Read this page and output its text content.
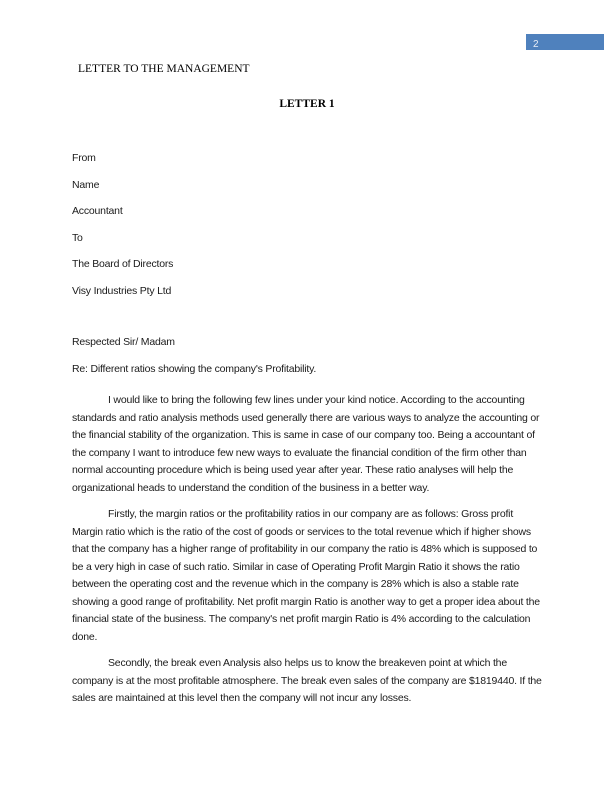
2
LETTER TO THE MANAGEMENT
LETTER 1

From

Name

Accountant

To

The Board of Directors

Visy Industries Pty Ltd

Respected Sir/ Madam

Re: Different ratios showing the company's Profitability.

I would like to bring the following few lines under your kind notice. According to the accounting standards and ratio analysis methods used generally there are various ways to analyze the accounting or the financial stability of the organization. This is same in case of our company too. Being a accountant of the company I want to introduce few new ways to evaluate the financial condition of the firm other than normal accounting procedure which is being used year after year. These ratio analyses will help the organizational heads to understand the condition of the business in a better way.

Firstly, the margin ratios or the profitability ratios in our company are as follows: Gross profit Margin ratio which is the ratio of the cost of goods or services to the total revenue which if higher shows that the company has a higher range of profitability in our company the ratio is 48% which is supposed to be a very high in case of such ratio. Similar in case of Operating Profit Margin Ratio it shows the ratio between the operating cost and the revenue which in the company is 28% which is also a stable rate showing a good range of profitability. Net profit margin Ratio is another way to get a proper idea about the financial state of the business. The company's net profit margin Ratio is 4% according to the calculation done.

Secondly, the break even Analysis also helps us to know the breakeven point at which the company is at the most profitable atmosphere. The break even sales of the company are $1819440. If the sales are maintained at this level then the company will not incur any losses.
